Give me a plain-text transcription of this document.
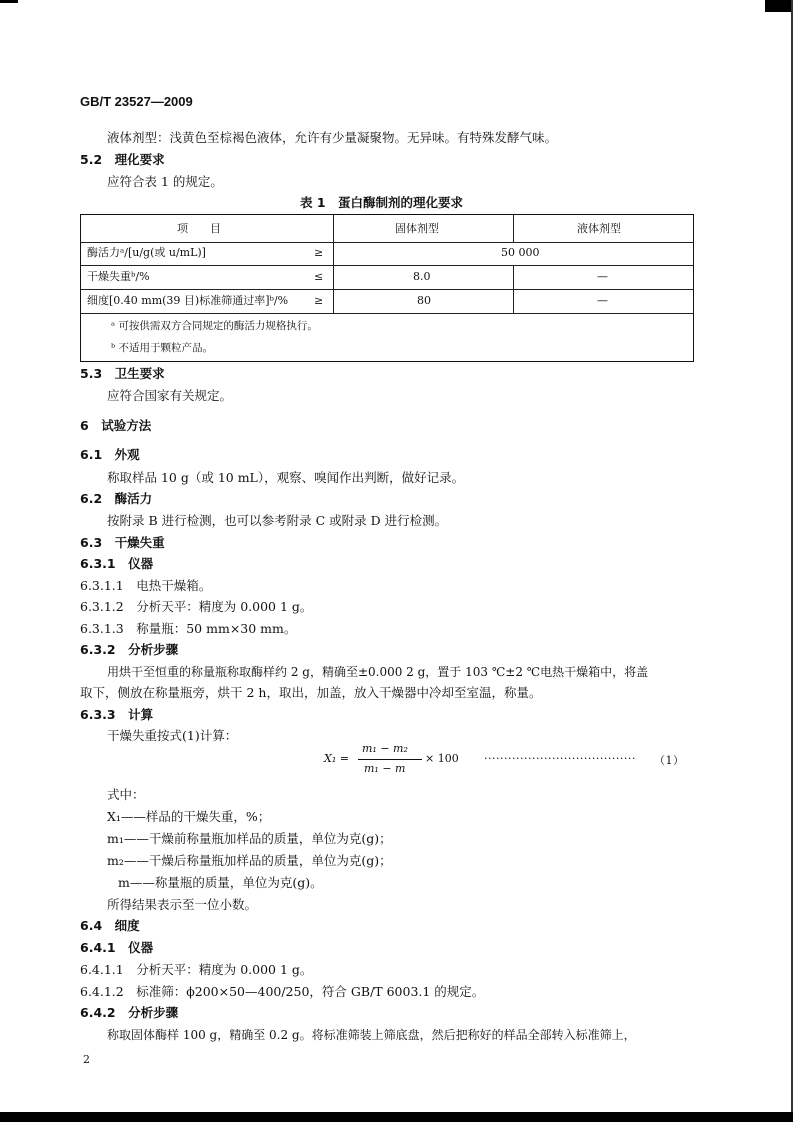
GB/T 23527—2009
液体剂型：浅黄色至棕褐色液体，允许有少量凝聚物。无异味。有特殊发酵气味。
5.2　理化要求
应符合表 1 的规定。
表 1　蛋白酶制剂的理化要求
项　　目	固体剂型	液体剂型
酶活力ᵃ/[u/g(或 u/mL)]	≥	50 000
干燥失重ᵇ/%	≤	8.0	—
细度[0.40 mm(39 目)标准筛通过率]ᵇ/% ≥	80	—
ᵃ 可按供需双方合同规定的酶活力规格执行。
ᵇ 不适用于颗粒产品。
5.3　卫生要求
应符合国家有关规定。
6　试验方法
6.1　外观
称取样品 10 g（或 10 mL），观察、嗅闻作出判断，做好记录。
6.2　酶活力
按附录 B 进行检测，也可以参考附录 C 或附录 D 进行检测。
6.3　干燥失重
6.3.1　仪器
6.3.1.1　电热干燥箱。
6.3.1.2　分析天平：精度为 0.000 1 g。
6.3.1.3　称量瓶：50 mm×30 mm。
6.3.2　分析步骤
用烘干至恒重的称量瓶称取酶样约 2 g，精确至±0.000 2 g，置于 103 ℃±2 ℃电热干燥箱中，将盖
取下，侧放在称量瓶旁，烘干 2 h，取出，加盖，放入干燥器中冷却至室温，称量。
6.3.3　计算
干燥失重按式(1)计算：
X₁ =
m₁ − m₂
m₁ − m
× 100 ······································ （1）
式中：
X₁——样品的干燥失重，%；
m₁——干燥前称量瓶加样品的质量，单位为克(g)；
m₂——干燥后称量瓶加样品的质量，单位为克(g)；
m——称量瓶的质量，单位为克(g)。
所得结果表示至一位小数。
6.4　细度
6.4.1　仪器
6.4.1.1　分析天平：精度为 0.000 1 g。
6.4.1.2　标准筛：ϕ200×50—400/250，符合 GB/T 6003.1 的规定。
6.4.2　分析步骤
称取固体酶样 100 g，精确至 0.2 g。将标准筛装上筛底盘，然后把称好的样品全部转入标准筛上，
2
